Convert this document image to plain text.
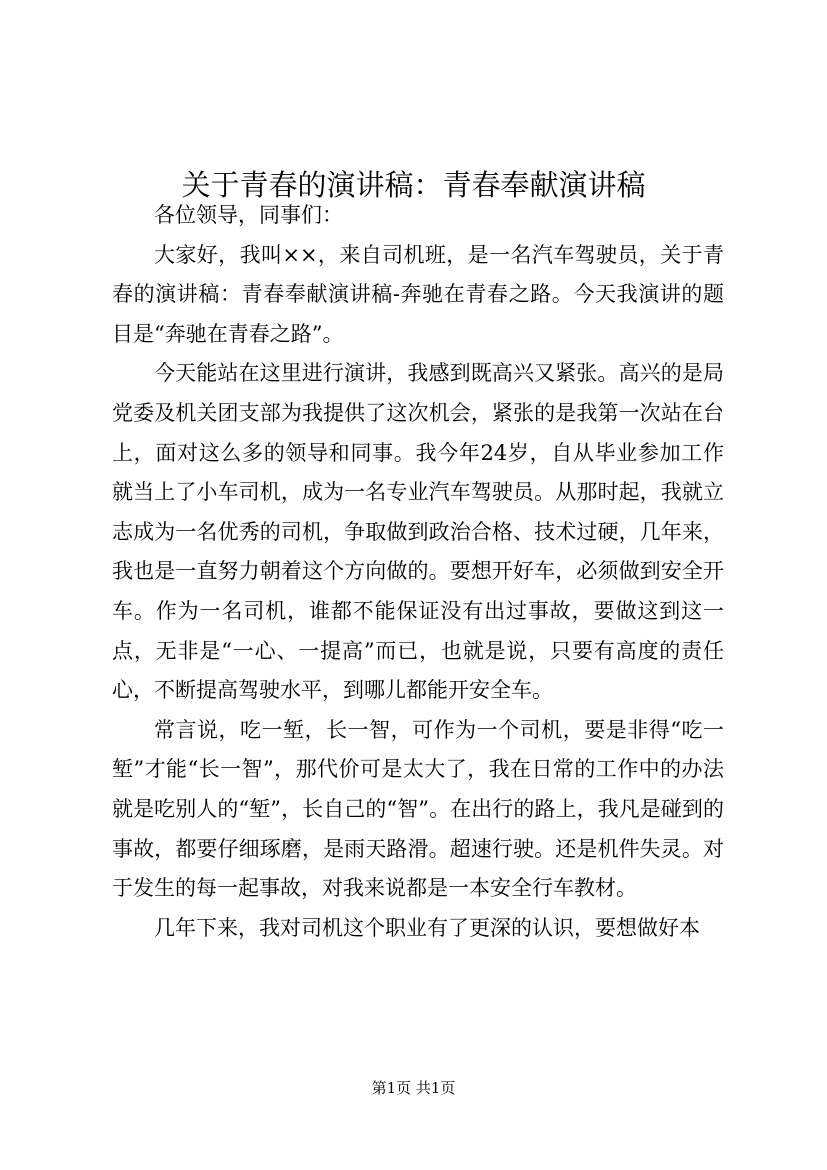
关于青春的演讲稿：青春奉献演讲稿

各位领导，同事们：

大家好，我叫××，来自司机班，是一名汽车驾驶员，关于青春的演讲稿：青春奉献演讲稿-奔驰在青春之路。今天我演讲的题目是“奔驰在青春之路”。

今天能站在这里进行演讲，我感到既高兴又紧张。高兴的是局党委及机关团支部为我提供了这次机会，紧张的是我第一次站在台上，面对这么多的领导和同事。我今年24岁，自从毕业参加工作就当上了小车司机，成为一名专业汽车驾驶员。从那时起，我就立志成为一名优秀的司机，争取做到政治合格、技术过硬，几年来，我也是一直努力朝着这个方向做的。要想开好车，必须做到安全开车。作为一名司机，谁都不能保证没有出过事故，要做这到这一点，无非是“一心、一提高”而已，也就是说，只要有高度的责任心，不断提高驾驶水平，到哪儿都能开安全车。

常言说，吃一堑，长一智，可作为一个司机，要是非得“吃一堑”才能“长一智”，那代价可是太大了，我在日常的工作中的办法就是吃别人的“堑”，长自己的“智”。在出行的路上，我凡是碰到的事故，都要仔细琢磨，是雨天路滑。超速行驶。还是机件失灵。对于发生的每一起事故，对我来说都是一本安全行车教材。

几年下来，我对司机这个职业有了更深的认识，要想做好本

第1页 共1页
